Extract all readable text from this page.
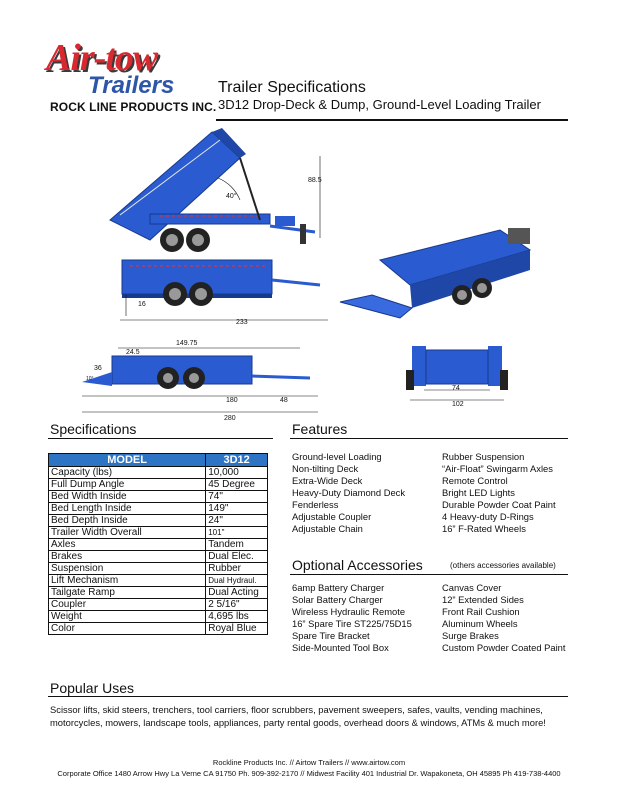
Air-tow
Trailers
ROCK LINE PRODUCTS INC.
Trailer Specifications
3D12 Drop-Deck & Dump, Ground-Level Loading Trailer
40°
88.5
16
233
149.75
24.5
36
10°
180	48
280
74
102
Specifications
MODEL	3D12
Capacity (lbs)	10,000
Full Dump Angle	45 Degree
Bed Width Inside	74"
Bed Length Inside	149"
Bed Depth Inside	24"
Trailer Width Overall	101"
Axles	Tandem
Brakes	Dual Elec.
Suspension	Rubber
Lift Mechanism	Dual Hydraul.
Tailgate Ramp	Dual Acting
Coupler	2 5/16"
Weight	4,695 lbs
Color	Royal Blue
Features
Ground-level Loading
Non-tilting Deck
Extra-Wide Deck
Heavy-Duty Diamond Deck
Fenderless
Adjustable Coupler
Adjustable Chain
Rubber Suspension
“Air-Float” Swingarm Axles
Remote Control
Bright LED Lights
Durable Powder Coat Paint
4 Heavy-duty D-Rings
16” F-Rated Wheels
Optional Accessories	(others accessories available)
6amp Battery Charger
Solar Battery Charger
Wireless Hydraulic Remote
16” Spare Tire ST225/75D15
Spare Tire Bracket
Side-Mounted Tool Box
Canvas Cover
12” Extended Sides
Front Rail Cushion
Aluminum Wheels
Surge Brakes
Custom Powder Coated Paint
Popular Uses
Scissor lifts, skid steers, trenchers, tool carriers, floor scrubbers, pavement sweepers, safes, vaults, vending machines, motorcycles, mowers, landscape tools, appliances, party rental goods, overhead doors & windows, ATMs & much more!
Rockline Products Inc. // Airtow Trailers // www.airtow.com
Corporate Office 1480 Arrow Hwy La Verne CA 91750 Ph. 909-392-2170 // Midwest Facility 401 Industrial Dr. Wapakoneta, OH 45895 Ph 419-738-4400
